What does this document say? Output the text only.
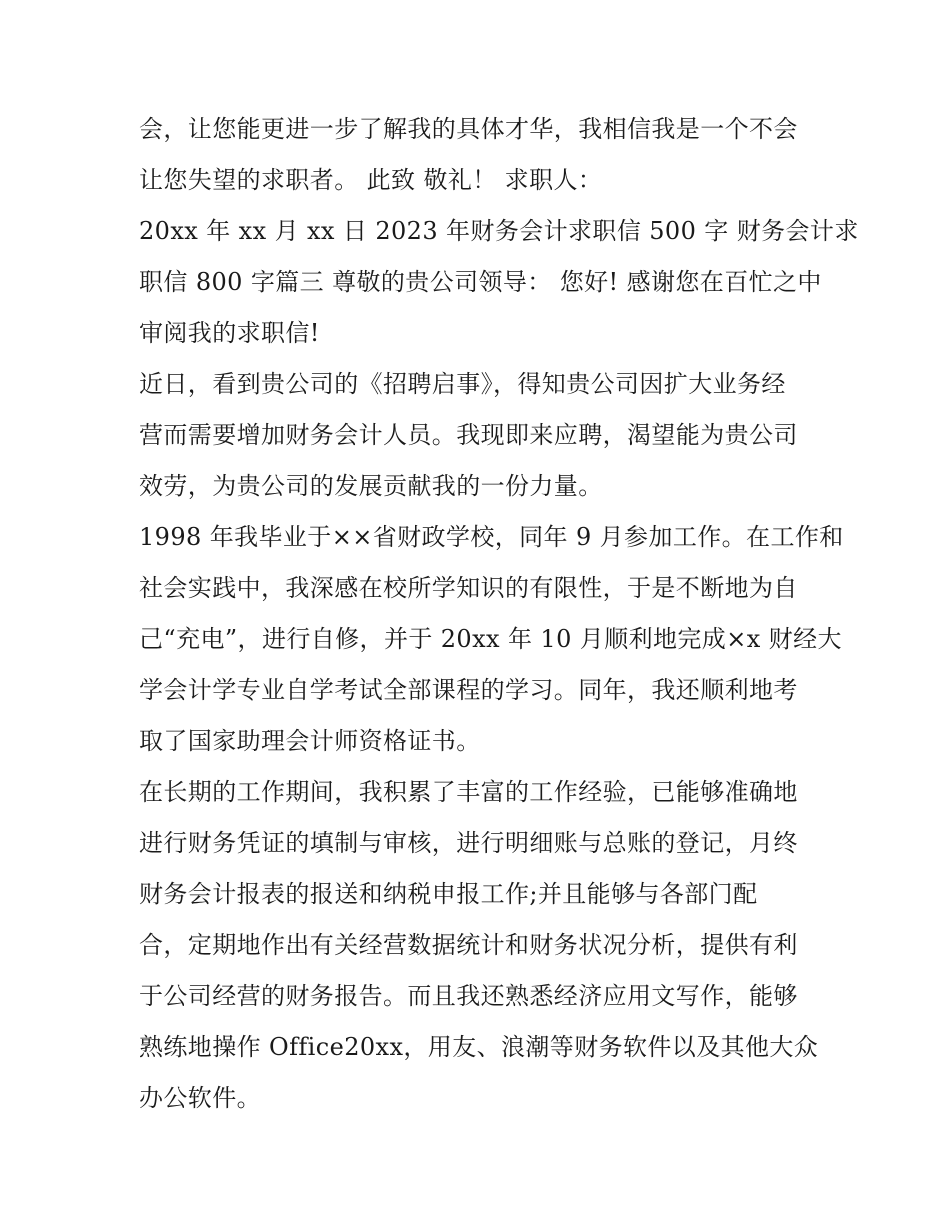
会，让您能更进一步了解我的具体才华，我相信我是一个不会
让您失望的求职者。 此致 敬礼！ 求职人：
20xx 年 xx 月 xx 日 2023 年财务会计求职信 500 字 财务会计求
职信 800 字篇三 尊敬的贵公司领导： 您好! 感谢您在百忙之中
审阅我的求职信!
近日，看到贵公司的《招聘启事》，得知贵公司因扩大业务经
营而需要增加财务会计人员。我现即来应聘，渴望能为贵公司
效劳，为贵公司的发展贡献我的一份力量。
1998 年我毕业于××省财政学校，同年 9 月参加工作。在工作和
社会实践中，我深感在校所学知识的有限性，于是不断地为自
己“充电”，进行自修，并于 20xx 年 10 月顺利地完成×x 财经大
学会计学专业自学考试全部课程的学习。同年，我还顺利地考
取了国家助理会计师资格证书。
在长期的工作期间，我积累了丰富的工作经验，已能够准确地
进行财务凭证的填制与审核，进行明细账与总账的登记，月终
财务会计报表的报送和纳税申报工作;并且能够与各部门配
合，定期地作出有关经营数据统计和财务状况分析，提供有利
于公司经营的财务报告。而且我还熟悉经济应用文写作，能够
熟练地操作 Office20xx，用友、浪潮等财务软件以及其他大众
办公软件。
